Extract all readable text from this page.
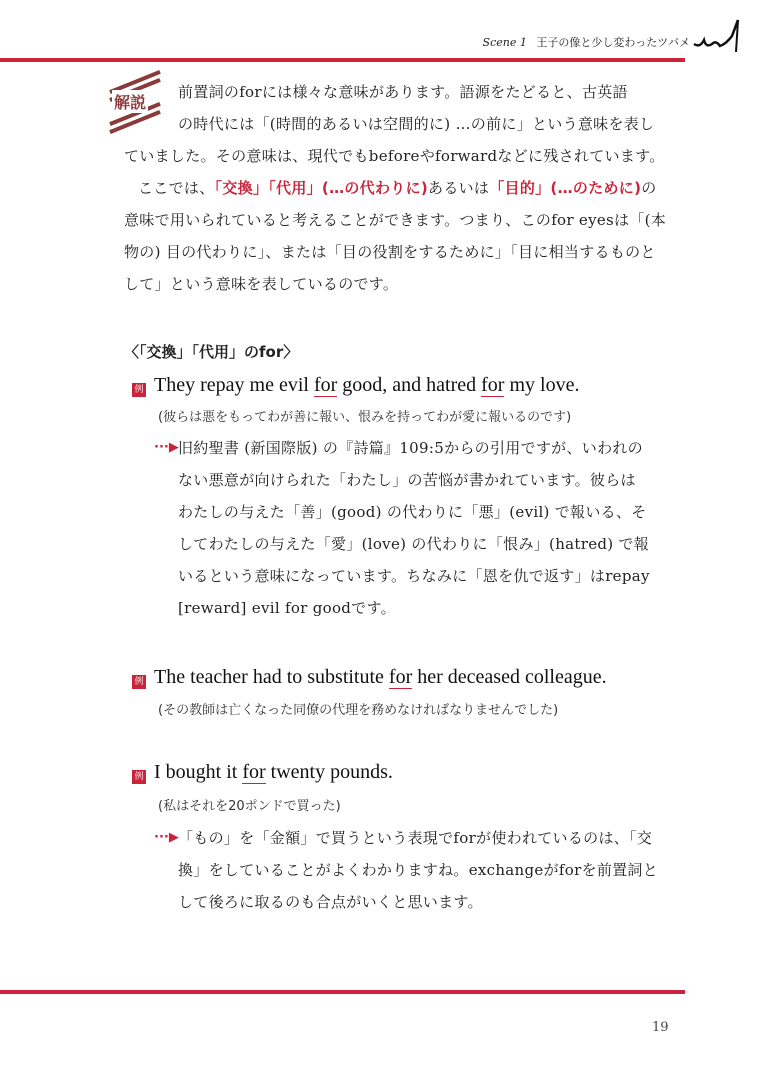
Scene 1 王子の像と少し変わったツバメ
解説
前置詞のforには様々な意味があります。語源をたどると、古英語
の時代には「(時間的あるいは空間的に) …の前に」という意味を表し
ていました。その意味は、現代でもbeforeやforwardなどに残されています。
ここでは、「交換」「代用」(…の代わりに)あるいは「目的」(…のために)の
意味で用いられていると考えることができます。つまり、このfor eyesは「(本
物の) 目の代わりに」、または「目の役割をするために」「目に相当するものと
して」という意味を表しているのです。
〈「交換」「代用」のfor〉
例 They repay me evil for good, and hatred for my love.
(彼らは悪をもってわが善に報い、恨みを持ってわが愛に報いるのです)
···▶ 旧約聖書 (新国際版) の『詩篇』109:5からの引用ですが、いわれの
ない悪意が向けられた「わたし」の苦悩が書かれています。彼らは
わたしの与えた「善」(good) の代わりに「悪」(evil) で報いる、そ
してわたしの与えた「愛」(love) の代わりに「恨み」(hatred) で報
いるという意味になっています。ちなみに「恩を仇で返す」はrepay
[reward] evil for goodです。
例 The teacher had to substitute for her deceased colleague.
(その教師は亡くなった同僚の代理を務めなければなりませんでした)
例 I bought it for twenty pounds.
(私はそれを20ポンドで買った)
···▶ 「もの」を「金額」で買うという表現でforが使われているのは、「交
換」をしていることがよくわかりますね。exchangeがforを前置詞と
して後ろに取るのも合点がいくと思います。
19
